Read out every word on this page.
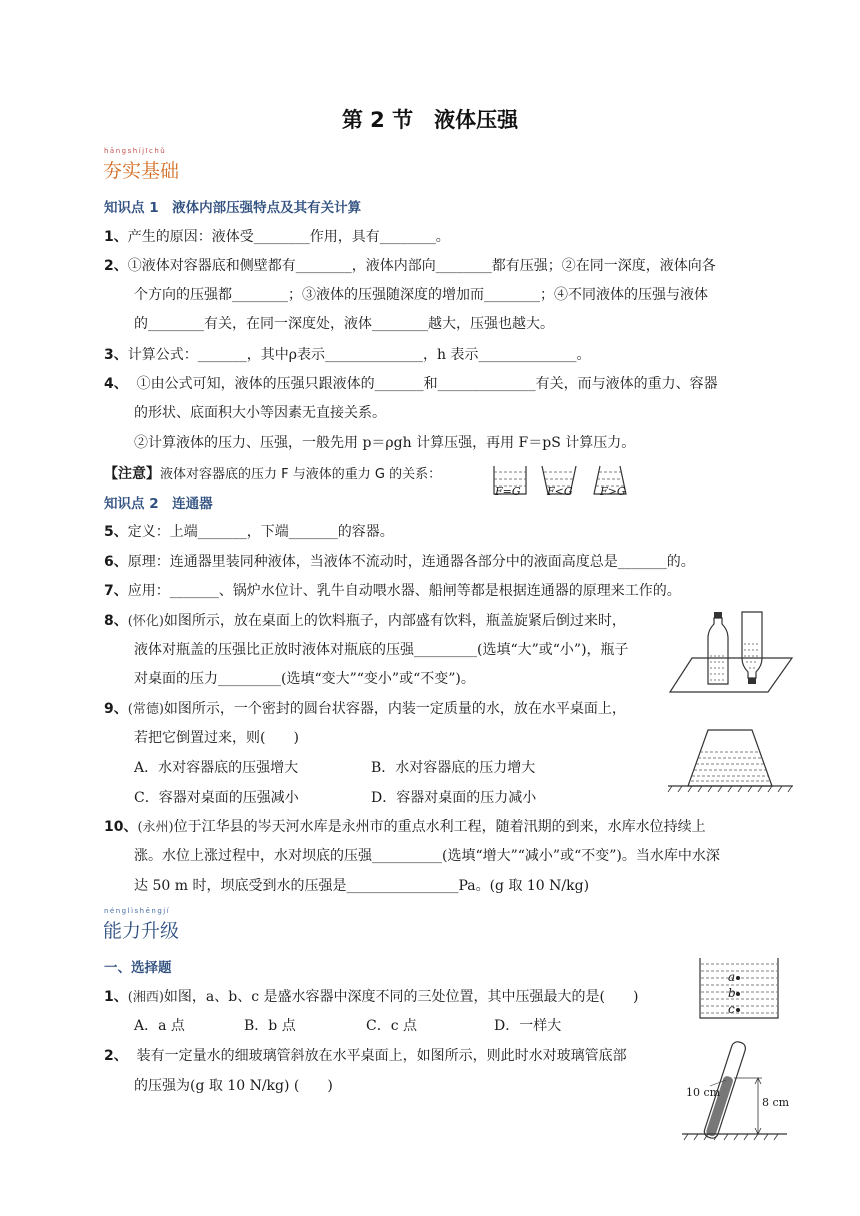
第 2 节　液体压强
hāngshíjīchǔ
夯实基础
知识点 1　液体内部压强特点及其有关计算
1、产生的原因：液体受________作用，具有________。
2、①液体对容器底和侧壁都有________，液体内部向________都有压强；②在同一深度，液体向各
个方向的压强都________；③液体的压强随深度的增加而________；④不同液体的压强与液体
的________有关，在同一深度处，液体________越大，压强也越大。
3、计算公式：_______，其中ρ表示______________，h 表示______________。
4、 ①由公式可知，液体的压强只跟液体的_______和______________有关，而与液体的重力、容器
的形状、底面积大小等因素无直接关系。
②计算液体的压力、压强，一般先用 p＝ρgh 计算压强，再用 F＝pS 计算压力。
【注意】液体对容器底的压力 F 与液体的重力 G 的关系：
F=G F<G F>G
知识点 2　连通器
5、定义：上端_______，下端_______的容器。
6、原理：连通器里装同种液体，当液体不流动时，连通器各部分中的液面高度总是_______的。
7、应用：_______、锅炉水位计、乳牛自动喂水器、船闸等都是根据连通器的原理来工作的。
8、(怀化)如图所示，放在桌面上的饮料瓶子，内部盛有饮料，瓶盖旋紧后倒过来时，
液体对瓶盖的压强比正放时液体对瓶底的压强_________(选填“大”或“小”)，瓶子
对桌面的压力_________(选填“变大”“变小”或“不变”)。
9、(常德)如图所示，一个密封的圆台状容器，内装一定质量的水，放在水平桌面上，
若把它倒置过来，则(　　)
A．水对容器底的压强增大	B．水对容器底的压力增大
C．容器对桌面的压强减小	D．容器对桌面的压力减小
10、(永州)位于江华县的岑天河水库是永州市的重点水利工程，随着汛期的到来，水库水位持续上
涨。水位上涨过程中，水对坝底的压强__________(选填“增大”“减小”或“不变”)。当水库中水深
达 50 m 时，坝底受到水的压强是________________Pa。(g 取 10 N/kg)
nénglìshēngjí
能力升级
一、选择题
1、(湘西)如图，a、b、c 是盛水容器中深度不同的三处位置，其中压强最大的是(　　)
A．a 点	B．b 点	C．c 点	D．一样大
a
b
c
2、 装有一定量水的细玻璃管斜放在水平桌面上，如图所示，则此时水对玻璃管底部
的压强为(g 取 10 N/kg) (　　)	10 cm
8 cm
